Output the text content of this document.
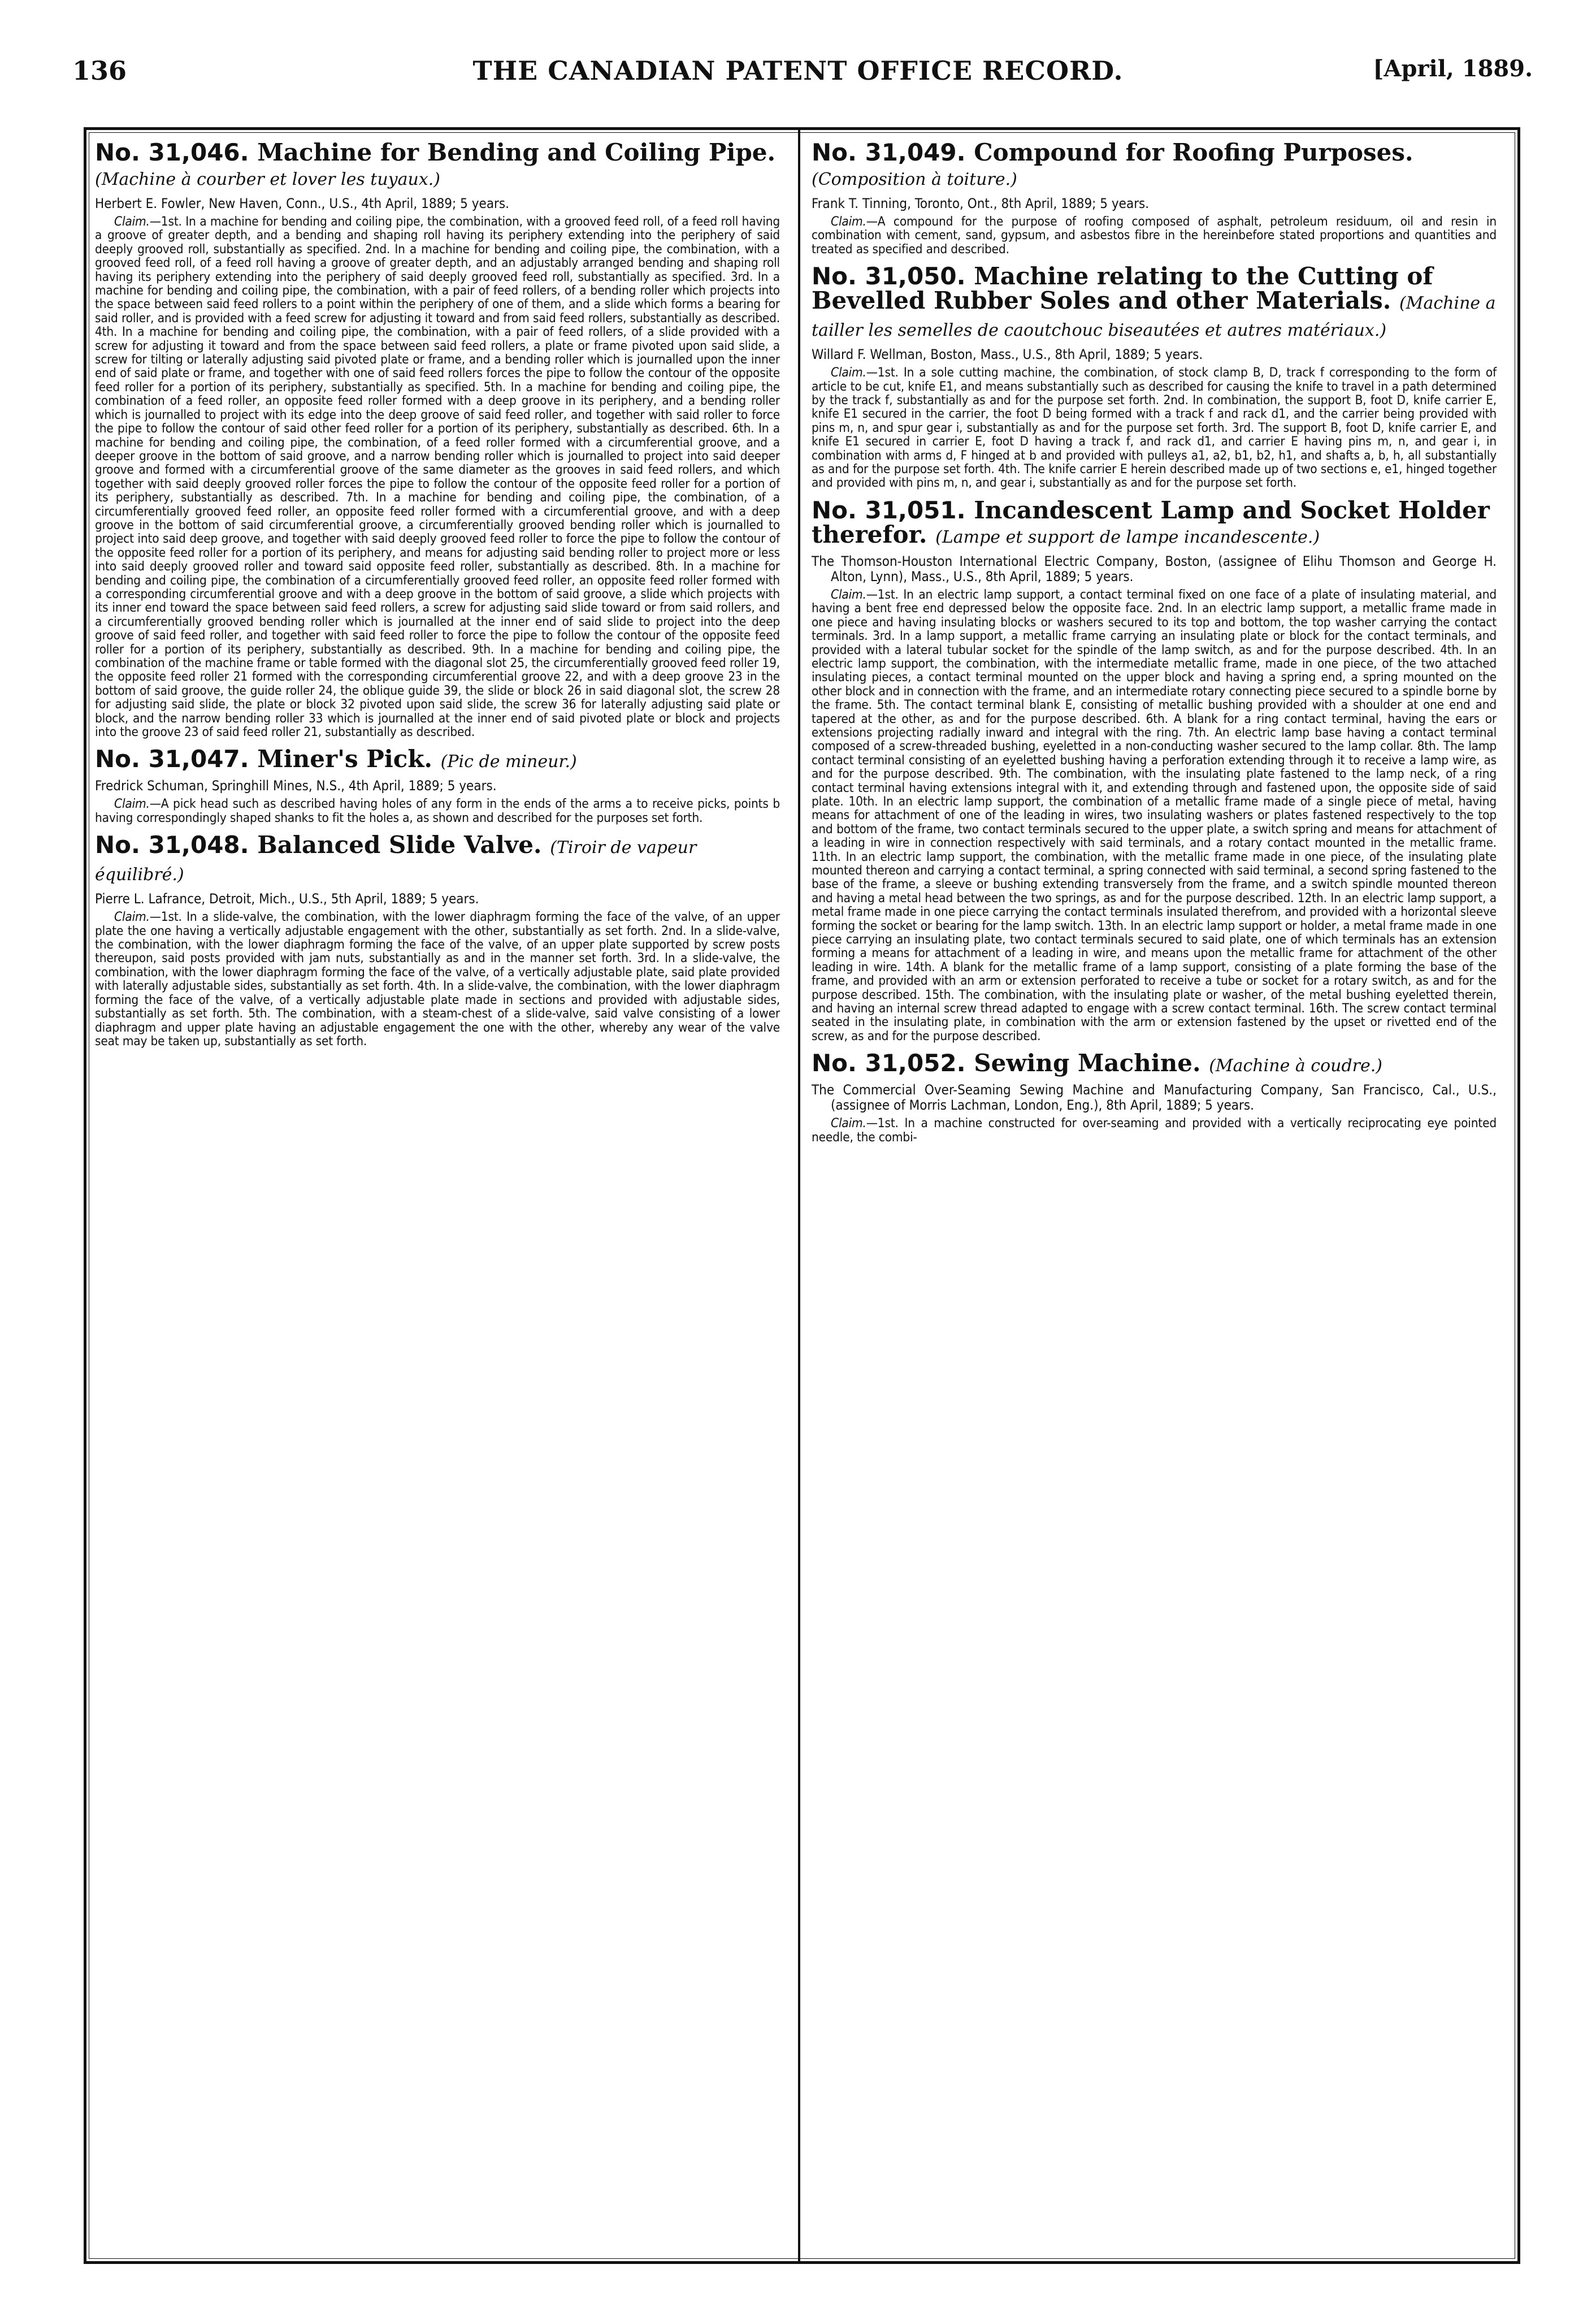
136	THE CANADIAN PATENT OFFICE RECORD.	[April, 1889.

No. 31,046. Machine for Bending and Coiling Pipe. (Machine à courber et lover les tuyaux.)

Herbert E. Fowler, New Haven, Conn., U.S., 4th April, 1889; 5 years.

Claim.—1st. In a machine for bending and coiling pipe, the combination, with a grooved feed roll, of a feed roll having a groove of greater depth, and a bending and shaping roll having its periphery extending into the periphery of said deeply grooved roll, substantially as specified. 2nd. In a machine for bending and coiling pipe, the combination, with a grooved feed roll, of a feed roll having a groove of greater depth, and an adjustably arranged bending and shaping roll having its periphery extending into the periphery of said deeply grooved feed roll, substantially as specified. 3rd. In a machine for bending and coiling pipe, the combination, with a pair of feed rollers, of a bending roller which projects into the space between said feed rollers to a point within the periphery of one of them, and a slide which forms a bearing for said roller, and is provided with a feed screw for adjusting it toward and from said feed rollers, substantially as described. 4th. In a machine for bending and coiling pipe, the combination, with a pair of feed rollers, of a slide provided with a screw for adjusting it toward and from the space between said feed rollers, a plate or frame pivoted upon said slide, a screw for tilting or laterally adjusting said pivoted plate or frame, and a bending roller which is journalled upon the inner end of said plate or frame, and together with one of said feed rollers forces the pipe to follow the contour of the opposite feed roller for a portion of its periphery, substantially as specified. 5th. In a machine for bending and coiling pipe, the combination of a feed roller, an opposite feed roller formed with a deep groove in its periphery, and a bending roller which is journalled to project with its edge into the deep groove of said feed roller, and together with said roller to force the pipe to follow the contour of said other feed roller for a portion of its periphery, substantially as described. 6th. In a machine for bending and coiling pipe, the combination, of a feed roller formed with a circumferential groove, and a deeper groove in the bottom of said groove, and a narrow bending roller which is journalled to project into said deeper groove and formed with a circumferential groove of the same diameter as the grooves in said feed rollers, and which together with said deeply grooved roller forces the pipe to follow the contour of the opposite feed roller for a portion of its periphery, substantially as described. 7th. In a machine for bending and coiling pipe, the combination, of a circumferentially grooved feed roller, an opposite feed roller formed with a circumferential groove, and with a deep groove in the bottom of said circumferential groove, a circumferentially grooved bending roller which is journalled to project into said deep groove, and together with said deeply grooved feed roller to force the pipe to follow the contour of the opposite feed roller for a portion of its periphery, and means for adjusting said bending roller to project more or less into said deeply grooved roller and toward said opposite feed roller, substantially as described. 8th. In a machine for bending and coiling pipe, the combination of a circumferentially grooved feed roller, an opposite feed roller formed with a corresponding circumferential groove and with a deep groove in the bottom of said groove, a slide which projects with its inner end toward the space between said feed rollers, a screw for adjusting said slide toward or from said rollers, and a circumferentially grooved bending roller which is journalled at the inner end of said slide to project into the deep groove of said feed roller, and together with said feed roller to force the pipe to follow the contour of the opposite feed roller for a portion of its periphery, substantially as described. 9th. In a machine for bending and coiling pipe, the combination of the machine frame or table formed with the diagonal slot 25, the circumferentially grooved feed roller 19, the opposite feed roller 21 formed with the corresponding circumferential groove 22, and with a deep groove 23 in the bottom of said groove, the guide roller 24, the oblique guide 39, the slide or block 26 in said diagonal slot, the screw 28 for adjusting said slide, the plate or block 32 pivoted upon said slide, the screw 36 for laterally adjusting said plate or block, and the narrow bending roller 33 which is journalled at the inner end of said pivoted plate or block and projects into the groove 23 of said feed roller 21, substantially as described.

No. 31,047. Miner's Pick. (Pic de mineur.)

Fredrick Schuman, Springhill Mines, N.S., 4th April, 1889; 5 years.

Claim.—A pick head such as described having holes of any form in the ends of the arms a to receive picks, points b having correspondingly shaped shanks to fit the holes a, as shown and described for the purposes set forth.

No. 31,048. Balanced Slide Valve. (Tiroir de vapeur équilibré.)

Pierre L. Lafrance, Detroit, Mich., U.S., 5th April, 1889; 5 years.

Claim.—1st. In a slide-valve, the combination, with the lower diaphragm forming the face of the valve, of an upper plate the one having a vertically adjustable engagement with the other, substantially as set forth. 2nd. In a slide-valve, the combination, with the lower diaphragm forming the face of the valve, of an upper plate supported by screw posts thereupon, said posts provided with jam nuts, substantially as and in the manner set forth. 3rd. In a slide-valve, the combination, with the lower diaphragm forming the face of the valve, of a vertically adjustable plate, said plate provided with laterally adjustable sides, substantially as set forth. 4th. In a slide-valve, the combination, with the lower diaphragm forming the face of the valve, of a vertically adjustable plate made in sections and provided with adjustable sides, substantially as set forth. 5th. The combination, with a steam-chest of a slide-valve, said valve consisting of a lower diaphragm and upper plate having an adjustable engagement the one with the other, whereby any wear of the valve seat may be taken up, substantially as set forth.

No. 31,049. Compound for Roofing Purposes. (Composition à toiture.)

Frank T. Tinning, Toronto, Ont., 8th April, 1889; 5 years.

Claim.—A compound for the purpose of roofing composed of asphalt, petroleum residuum, oil and resin in combination with cement, sand, gypsum, and asbestos fibre in the hereinbefore stated proportions and quantities and treated as specified and described.

No. 31,050. Machine relating to the Cutting of Bevelled Rubber Soles and other Materials. (Machine a tailler les semelles de caoutchouc biseautées et autres matériaux.)

Willard F. Wellman, Boston, Mass., U.S., 8th April, 1889; 5 years.

Claim.—1st. In a sole cutting machine, the combination, of stock clamp B, D, track f corresponding to the form of article to be cut, knife E1, and means substantially such as described for causing the knife to travel in a path determined by the track f, substantially as and for the purpose set forth. 2nd. In combination, the support B, foot D, knife carrier E, knife E1 secured in the carrier, the foot D being formed with a track f and rack d1, and the carrier being provided with pins m, n, and spur gear i, substantially as and for the purpose set forth. 3rd. The support B, foot D, knife carrier E, and knife E1 secured in carrier E, foot D having a track f, and rack d1, and carrier E having pins m, n, and gear i, in combination with arms d, F hinged at b and provided with pulleys a1, a2, b1, b2, h1, and shafts a, b, h, all substantially as and for the purpose set forth. 4th. The knife carrier E herein described made up of two sections e, e1, hinged together and provided with pins m, n, and gear i, substantially as and for the purpose set forth.

No. 31,051. Incandescent Lamp and Socket Holder therefor. (Lampe et support de lampe incandescente.)

The Thomson-Houston International Electric Company, Boston, (assignee of Elihu Thomson and George H. Alton, Lynn), Mass., U.S., 8th April, 1889; 5 years.

Claim.—1st. In an electric lamp support, a contact terminal fixed on one face of a plate of insulating material, and having a bent free end depressed below the opposite face. 2nd. In an electric lamp support, a metallic frame made in one piece and having insulating blocks or washers secured to its top and bottom, the top washer carrying the contact terminals. 3rd. In a lamp support, a metallic frame carrying an insulating plate or block for the contact terminals, and provided with a lateral tubular socket for the spindle of the lamp switch, as and for the purpose described. 4th. In an electric lamp support, the combination, with the intermediate metallic frame, made in one piece, of the two attached insulating pieces, a contact terminal mounted on the upper block and having a spring end, a spring mounted on the other block and in connection with the frame, and an intermediate rotary connecting piece secured to a spindle borne by the frame. 5th. The contact terminal blank E, consisting of metallic bushing provided with a shoulder at one end and tapered at the other, as and for the purpose described. 6th. A blank for a ring contact terminal, having the ears or extensions projecting radially inward and integral with the ring. 7th. An electric lamp base having a contact terminal composed of a screw-threaded bushing, eyeletted in a non-conducting washer secured to the lamp collar. 8th. The lamp contact terminal consisting of an eyeletted bushing having a perforation extending through it to receive a lamp wire, as and for the purpose described. 9th. The combination, with the insulating plate fastened to the lamp neck, of a ring contact terminal having extensions integral with it, and extending through and fastened upon, the opposite side of said plate. 10th. In an electric lamp support, the combination of a metallic frame made of a single piece of metal, having means for attachment of one of the leading in wires, two insulating washers or plates fastened respectively to the top and bottom of the frame, two contact terminals secured to the upper plate, a switch spring and means for attachment of a leading in wire in connection respectively with said terminals, and a rotary contact mounted in the metallic frame. 11th. In an electric lamp support, the combination, with the metallic frame made in one piece, of the insulating plate mounted thereon and carrying a contact terminal, a spring connected with said terminal, a second spring fastened to the base of the frame, a sleeve or bushing extending transversely from the frame, and a switch spindle mounted thereon and having a metal head between the two springs, as and for the purpose described. 12th. In an electric lamp support, a metal frame made in one piece carrying the contact terminals insulated therefrom, and provided with a horizontal sleeve forming the socket or bearing for the lamp switch. 13th. In an electric lamp support or holder, a metal frame made in one piece carrying an insulating plate, two contact terminals secured to said plate, one of which terminals has an extension forming a means for attachment of a leading in wire, and means upon the metallic frame for attachment of the other leading in wire. 14th. A blank for the metallic frame of a lamp support, consisting of a plate forming the base of the frame, and provided with an arm or extension perforated to receive a tube or socket for a rotary switch, as and for the purpose described. 15th. The combination, with the insulating plate or washer, of the metal bushing eyeletted therein, and having an internal screw thread adapted to engage with a screw contact terminal. 16th. The screw contact terminal seated in the insulating plate, in combination with the arm or extension fastened by the upset or rivetted end of the screw, as and for the purpose described.

No. 31,052. Sewing Machine. (Machine à coudre.)

The Commercial Over-Seaming Sewing Machine and Manufacturing Company, San Francisco, Cal., U.S., (assignee of Morris Lachman, London, Eng.), 8th April, 1889; 5 years.

Claim.—1st. In a machine constructed for over-seaming and provided with a vertically reciprocating eye pointed needle, the combi-
